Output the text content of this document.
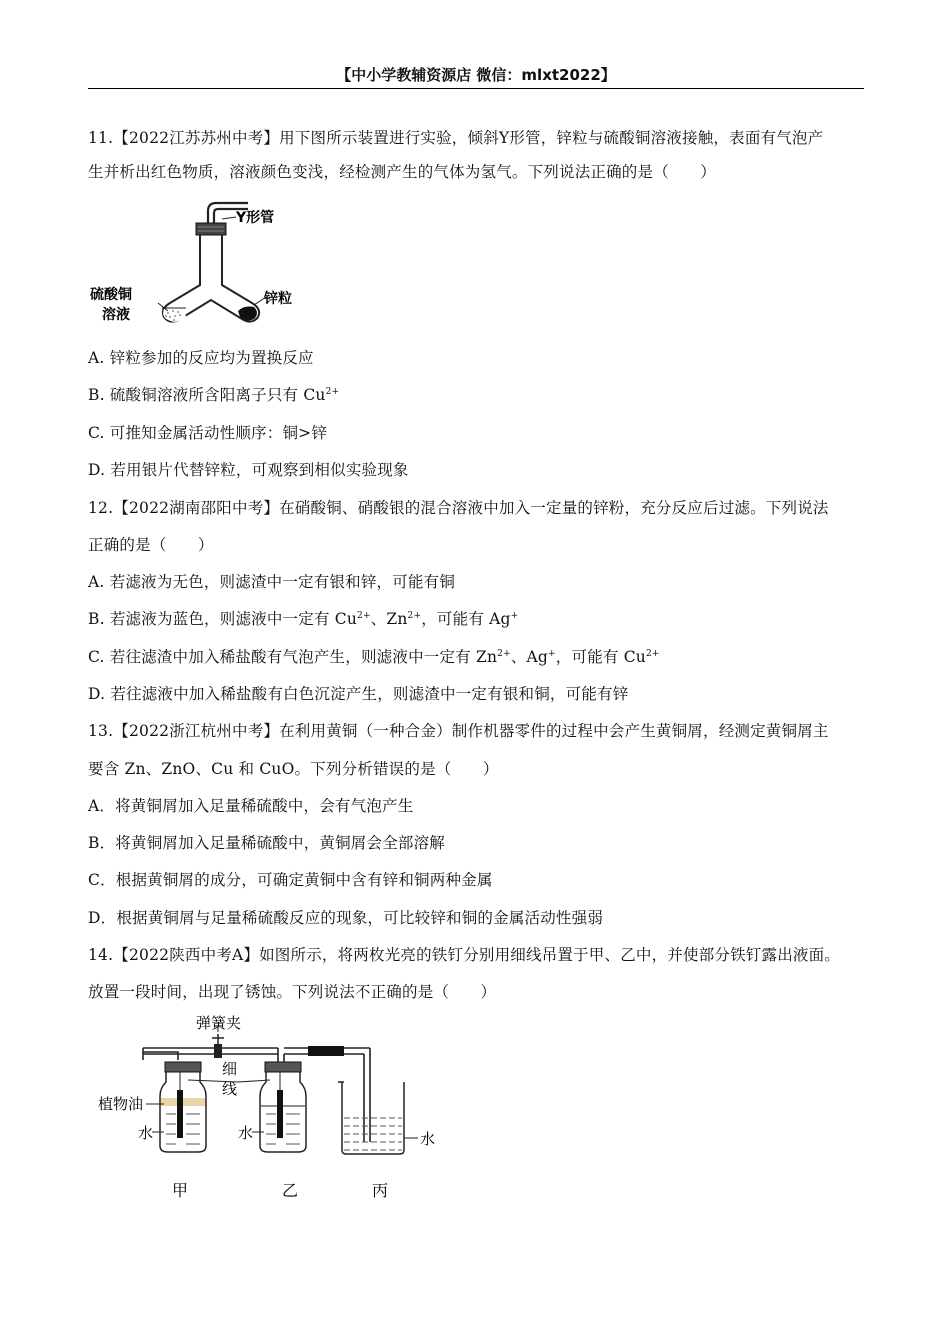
【中小学教辅资源店 微信：mlxt2022】
11.【2022江苏苏州中考】用下图所示装置进行实验，倾斜Y形管，锌粒与硫酸铜溶液接触，表面有气泡产
生并析出红色物质，溶液颜色变浅，经检测产生的气体为氢气。下列说法正确的是（　　）
Y形管
硫酸铜
溶液
锌粒
A. 锌粒参加的反应均为置换反应
B. 硫酸铜溶液所含阳离子只有 $Cu^{2+}$
C. 可推知金属活动性顺序：铜>锌
D. 若用银片代替锌粒，可观察到相似实验现象
12.【2022湖南邵阳中考】在硝酸铜、硝酸银的混合溶液中加入一定量的锌粉，充分反应后过滤。下列说法
正确的是（　　）
A. 若滤液为无色，则滤渣中一定有银和锌，可能有铜
B. 若滤液为蓝色，则滤液中一定有 $Cu^{2+}$、$Zn^{2+}$，可能有 Ag+
C. 若往滤渣中加入稀盐酸有气泡产生，则滤液中一定有 $Zn^{2+}$、Ag+，可能有 $Cu^{2+}$
D. 若往滤液中加入稀盐酸有白色沉淀产生，则滤渣中一定有银和铜，可能有锌
13.【2022浙江杭州中考】在利用黄铜（一种合金）制作机器零件的过程中会产生黄铜屑，经测定黄铜屑主
要含 Zn、ZnO、Cu 和 CuO。下列分析错误的是（　　）
A．将黄铜屑加入足量稀硫酸中，会有气泡产生
B．将黄铜屑加入足量稀硫酸中，黄铜屑会全部溶解
C．根据黄铜屑的成分，可确定黄铜中含有锌和铜两种金属
D．根据黄铜屑与足量稀硫酸反应的现象，可比较锌和铜的金属活动性强弱
14.【2022陕西中考A】如图所示，将两枚光亮的铁钉分别用细线吊置于甲、乙中，并使部分铁钉露出液面。
放置一段时间，出现了锈蚀。下列说法不正确的是（　　）
弹簧夹
细
线
植物油
水	水	水
甲	乙	丙
